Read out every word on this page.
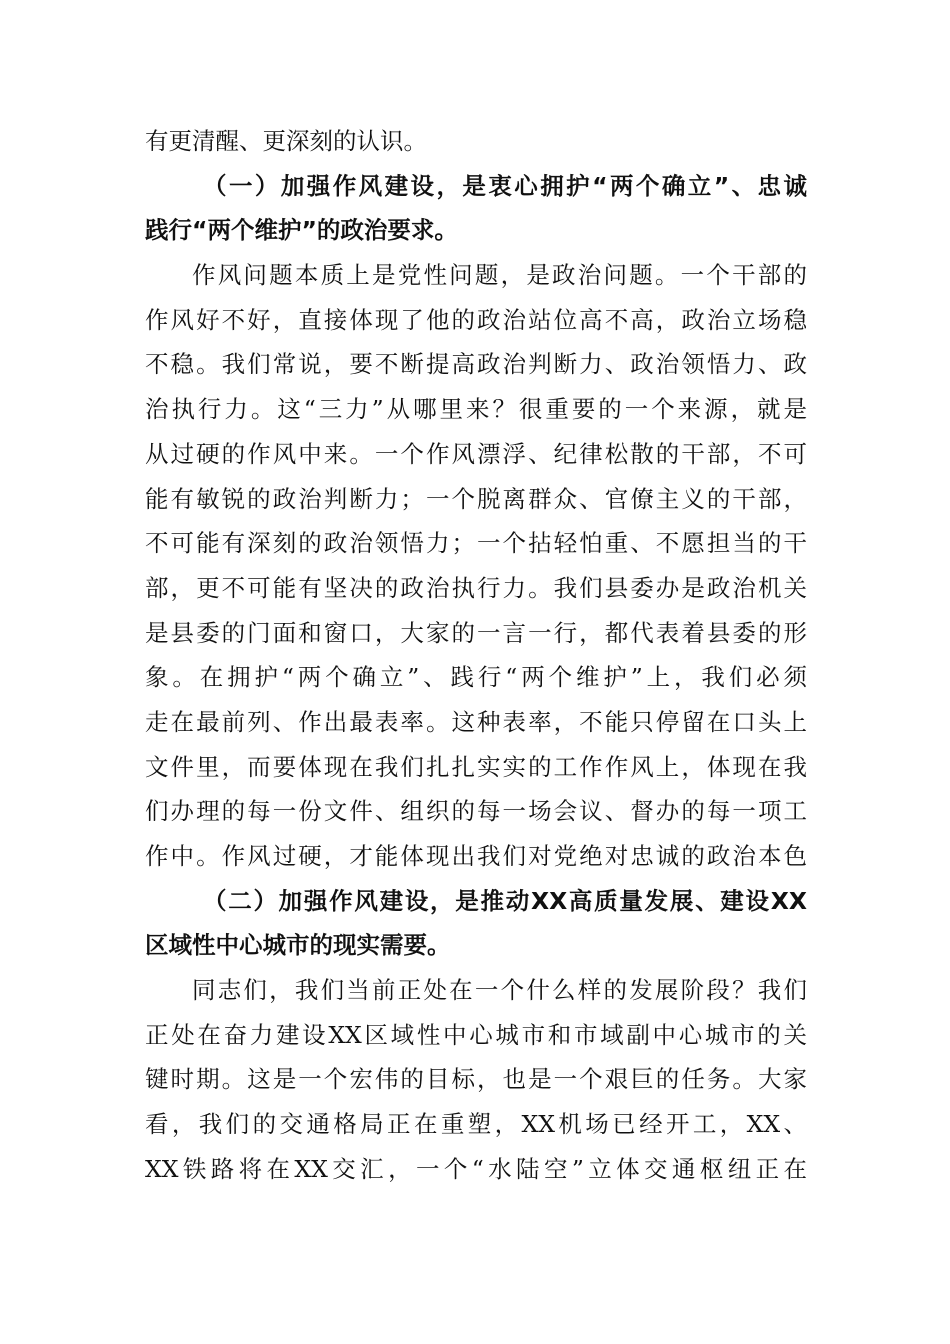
有更清醒、更深刻的认识。
（一）加强作风建设，是衷心拥护“两个确立”、忠诚
践行“两个维护”的政治要求。
作风问题本质上是党性问题，是政治问题。一个干部的
作风好不好，直接体现了他的政治站位高不高，政治立场稳
不稳。我们常说，要不断提高政治判断力、政治领悟力、政
治执行力。这“三力”从哪里来？很重要的一个来源，就是
从过硬的作风中来。一个作风漂浮、纪律松散的干部，不可
能有敏锐的政治判断力；一个脱离群众、官僚主义的干部，
不可能有深刻的政治领悟力；一个拈轻怕重、不愿担当的干
部，更不可能有坚决的政治执行力。我们县委办是政治机关
是县委的门面和窗口，大家的一言一行，都代表着县委的形
象。在拥护“两个确立”、践行“两个维护”上，我们必须
走在最前列、作出最表率。这种表率，不能只停留在口头上
文件里，而要体现在我们扎扎实实的工作作风上，体现在我
们办理的每一份文件、组织的每一场会议、督办的每一项工
作中。作风过硬，才能体现出我们对党绝对忠诚的政治本色
（二）加强作风建设，是推动XX高质量发展、建设XX
区域性中心城市的现实需要。
同志们，我们当前正处在一个什么样的发展阶段？我们
正处在奋力建设XX区域性中心城市和市域副中心城市的关
键时期。这是一个宏伟的目标，也是一个艰巨的任务。大家
看，我们的交通格局正在重塑，XX机场已经开工，XX、
XX铁路将在XX交汇，一个“水陆空”立体交通枢纽正在
